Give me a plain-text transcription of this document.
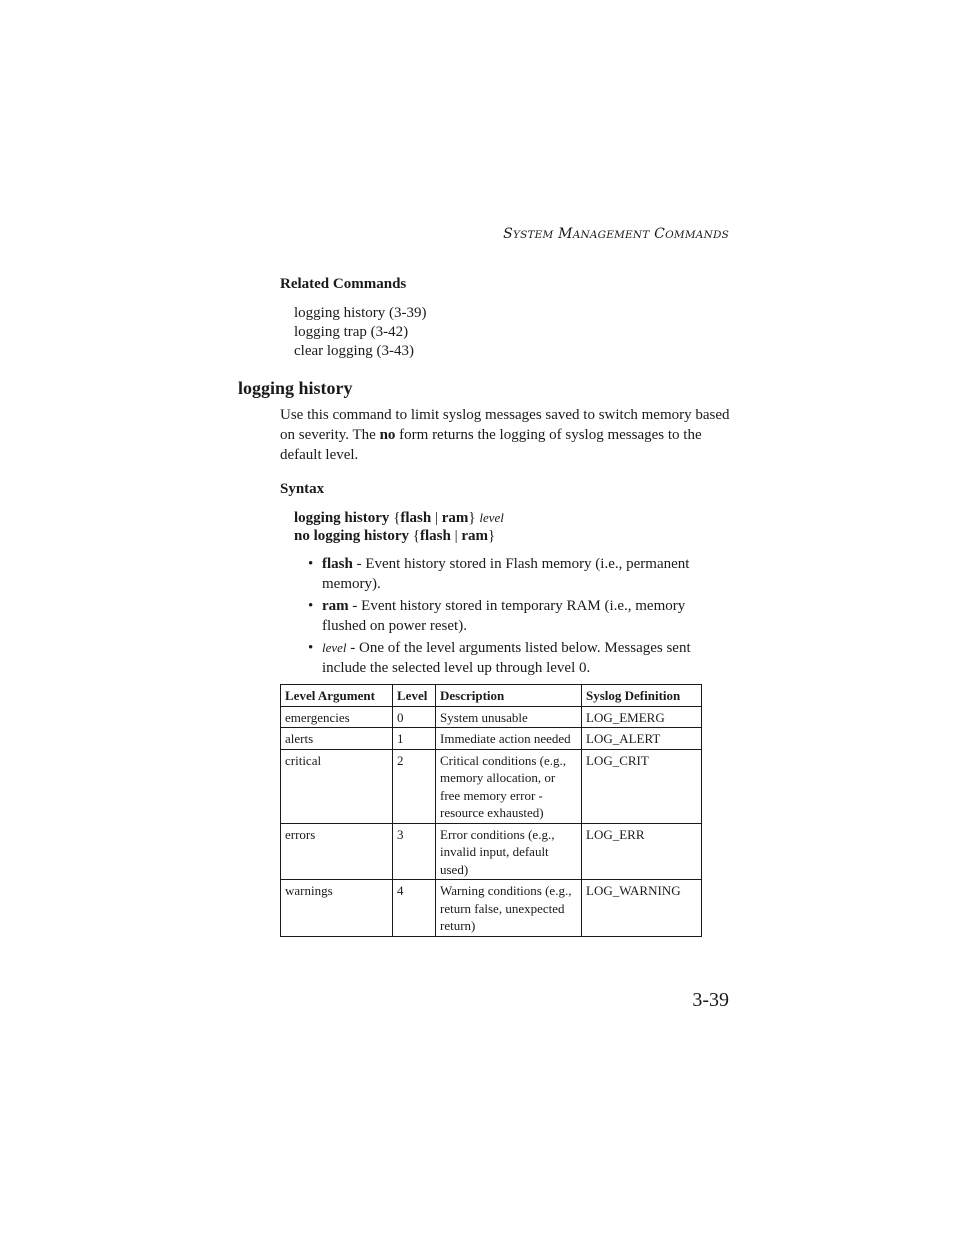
SYSTEM MANAGEMENT COMMANDS
Related Commands
logging history (3-39)
logging trap (3-42)
clear logging (3-43)
logging history
Use this command to limit syslog messages saved to switch memory based on severity. The no form returns the logging of syslog messages to the default level.
Syntax
logging history {flash | ram} level
no logging history {flash | ram}
• flash - Event history stored in Flash memory (i.e., permanent memory).
• ram - Event history stored in temporary RAM (i.e., memory flushed on power reset).
• level - One of the level arguments listed below. Messages sent include the selected level up through level 0.
Level Argument	Level	Description	Syslog Definition
emergencies	0	System unusable	LOG_EMERG
alerts	1	Immediate action needed	LOG_ALERT
critical	2	Critical conditions (e.g., memory allocation, or free memory error - resource exhausted)	LOG_CRIT
errors	3	Error conditions (e.g., invalid input, default used)	LOG_ERR
warnings	4	Warning conditions (e.g., return false, unexpected return)	LOG_WARNING
3-39
